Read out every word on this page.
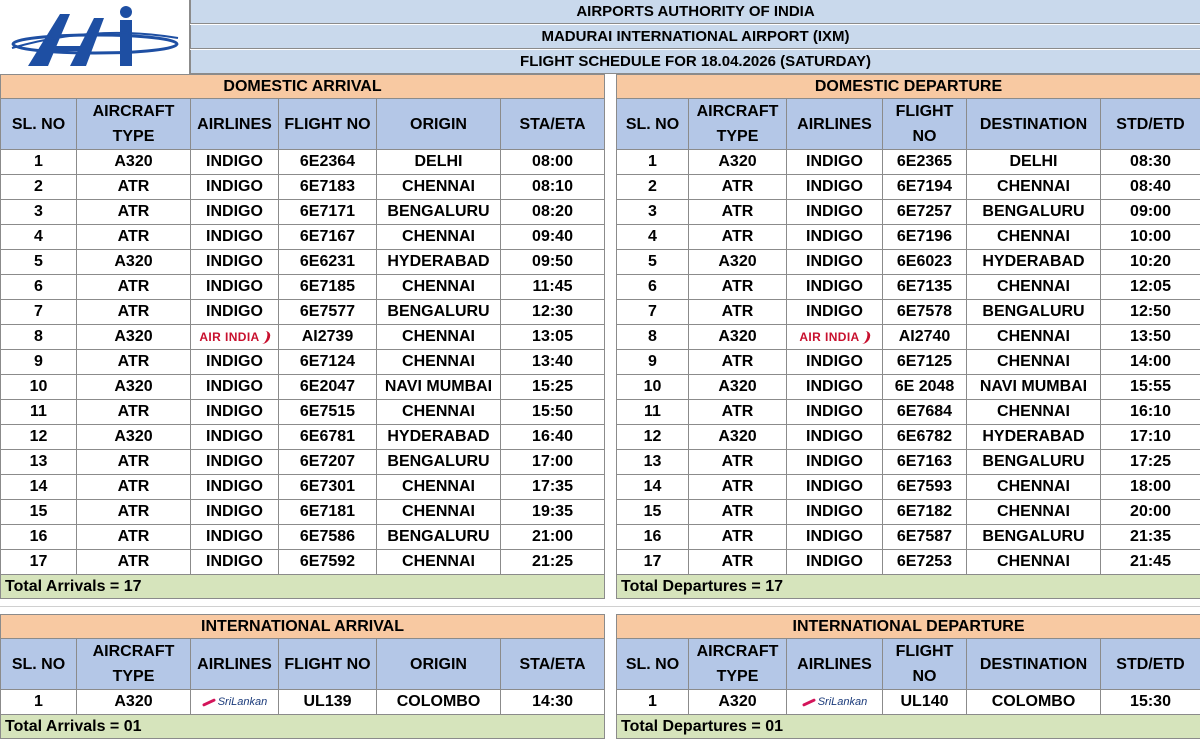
AIRPORTS AUTHORITY OF INDIA
MADURAI INTERNATIONAL AIRPORT (IXM)
FLIGHT SCHEDULE FOR 18.04.2026 (SATURDAY)
DOMESTIC ARRIVAL					
SL. NO	AIRCRAFT TYPE	AIRLINES	FLIGHT NO	ORIGIN	STA/ETA
1	A320	INDIGO	6E2364	DELHI	08:00
2	ATR	INDIGO	6E7183	CHENNAI	08:10
3	ATR	INDIGO	6E7171	BENGALURU	08:20
4	ATR	INDIGO	6E7167	CHENNAI	09:40
5	A320	INDIGO	6E6231	HYDERABAD	09:50
6	ATR	INDIGO	6E7185	CHENNAI	11:45
7	ATR	INDIGO	6E7577	BENGALURU	12:30
8	A320	AIR INDIA	AI2739	CHENNAI	13:05
9	ATR	INDIGO	6E7124	CHENNAI	13:40
10	A320	INDIGO	6E2047	NAVI MUMBAI	15:25
11	ATR	INDIGO	6E7515	CHENNAI	15:50
12	A320	INDIGO	6E6781	HYDERABAD	16:40
13	ATR	INDIGO	6E7207	BENGALURU	17:00
14	ATR	INDIGO	6E7301	CHENNAI	17:35
15	ATR	INDIGO	6E7181	CHENNAI	19:35
16	ATR	INDIGO	6E7586	BENGALURU	21:00
17	ATR	INDIGO	6E7592	CHENNAI	21:25
Total Arrivals = 17					
DOMESTIC DEPARTURE					
SL. NO	AIRCRAFT TYPE	AIRLINES	FLIGHT NO	DESTINATION	STD/ETD
1	A320	INDIGO	6E2365	DELHI	08:30
2	ATR	INDIGO	6E7194	CHENNAI	08:40
3	ATR	INDIGO	6E7257	BENGALURU	09:00
4	ATR	INDIGO	6E7196	CHENNAI	10:00
5	A320	INDIGO	6E6023	HYDERABAD	10:20
6	ATR	INDIGO	6E7135	CHENNAI	12:05
7	ATR	INDIGO	6E7578	BENGALURU	12:50
8	A320	AIR INDIA	AI2740	CHENNAI	13:50
9	ATR	INDIGO	6E7125	CHENNAI	14:00
10	A320	INDIGO	6E 2048	NAVI MUMBAI	15:55
11	ATR	INDIGO	6E7684	CHENNAI	16:10
12	A320	INDIGO	6E6782	HYDERABAD	17:10
13	ATR	INDIGO	6E7163	BENGALURU	17:25
14	ATR	INDIGO	6E7593	CHENNAI	18:00
15	ATR	INDIGO	6E7182	CHENNAI	20:00
16	ATR	INDIGO	6E7587	BENGALURU	21:35
17	ATR	INDIGO	6E7253	CHENNAI	21:45
Total Departures = 17					
INTERNATIONAL ARRIVAL					
SL. NO	AIRCRAFT TYPE	AIRLINES	FLIGHT NO	ORIGIN	STA/ETA
1	A320	SriLankan	UL139	COLOMBO	14:30
Total Arrivals = 01					
INTERNATIONAL DEPARTURE					
SL. NO	AIRCRAFT TYPE	AIRLINES	FLIGHT NO	DESTINATION	STD/ETD
1	A320	SriLankan	UL140	COLOMBO	15:30
Total Departures = 01					
